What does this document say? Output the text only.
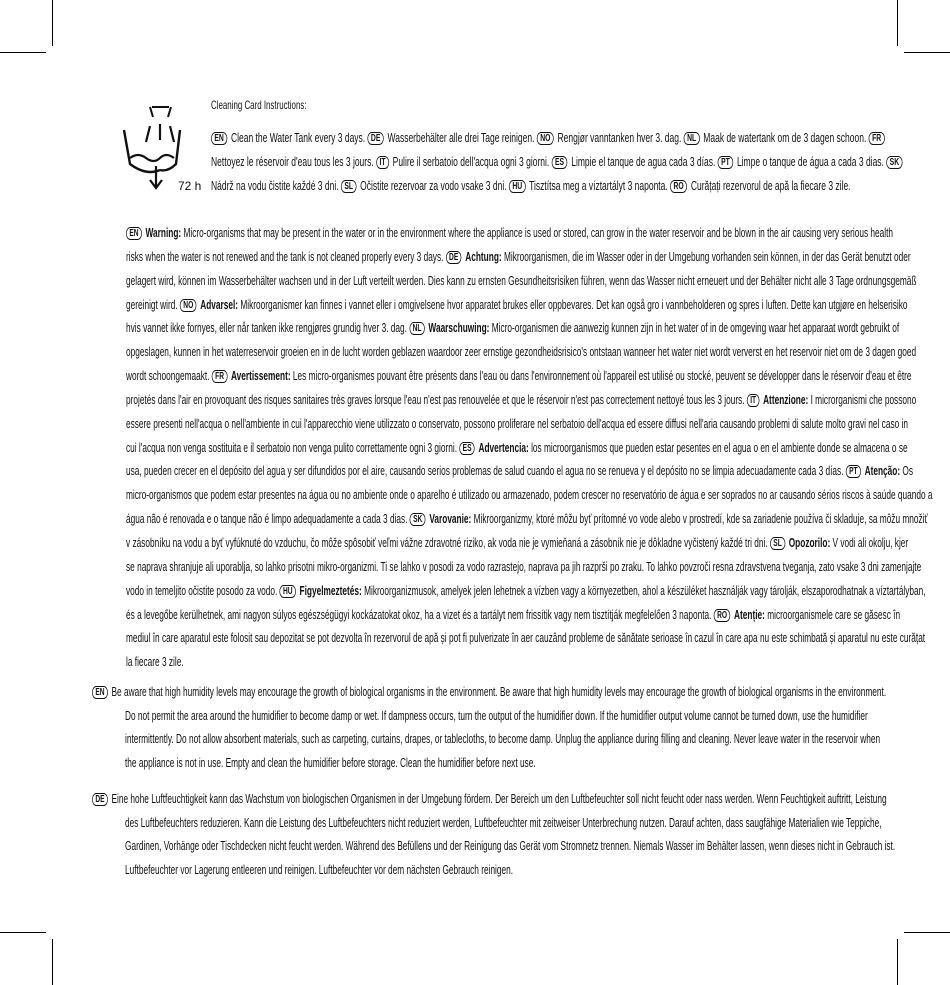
Cleaning Card Instructions:
72 h
EN Clean the Water Tank every 3 days. DE Wasserbehälter alle drei Tage reinigen. NO Rengjør vanntanken hver 3. dag. NL Maak de watertank om de 3 dagen schoon. FR
Nettoyez le réservoir d'eau tous les 3 jours. IT Pulire il serbatoio dell'acqua ogni 3 giorni. ES Limpie el tanque de agua cada 3 días. PT Limpe o tanque de água a cada 3 dias. SK
Nádrž na vodu čistite každé 3 dni. SL Očistite rezervoar za vodo vsake 3 dni. HU Tisztítsa meg a víztartályt 3 naponta. RO Curățați rezervorul de apă la fiecare 3 zile.
EN Warning: Micro-organisms that may be present in the water or in the environment where the appliance is used or stored, can grow in the water reservoir and be blown in the air causing very serious health
risks when the water is not renewed and the tank is not cleaned properly every 3 days. DE Achtung: Mikroorganismen, die im Wasser oder in der Umgebung vorhanden sein können, in der das Gerät benutzt oder
gelagert wird, können im Wasserbehälter wachsen und in der Luft verteilt werden. Dies kann zu ernsten Gesundheitsrisiken führen, wenn das Wasser nicht erneuert und der Behälter nicht alle 3 Tage ordnungsgemäß
gereinigt wird. NO Advarsel: Mikroorganismer kan finnes i vannet eller i omgivelsene hvor apparatet brukes eller oppbevares. Det kan også gro i vannbeholderen og spres i luften. Dette kan utgjøre en helserisiko
hvis vannet ikke fornyes, eller når tanken ikke rengjøres grundig hver 3. dag. NL Waarschuwing: Micro-organismen die aanwezig kunnen zijn in het water of in de omgeving waar het apparaat wordt gebruikt of
opgeslagen, kunnen in het waterreservoir groeien en in de lucht worden geblazen waardoor zeer ernstige gezondheidsrisico's ontstaan wanneer het water niet wordt ververst en het reservoir niet om de 3 dagen goed
wordt schoongemaakt. FR Avertissement: Les micro-organismes pouvant être présents dans l'eau ou dans l'environnement où l'appareil est utilisé ou stocké, peuvent se développer dans le réservoir d'eau et être
projetés dans l'air en provoquant des risques sanitaires très graves lorsque l'eau n'est pas renouvelée et que le réservoir n'est pas correctement nettoyé tous les 3 jours. IT Attenzione: I microrganismi che possono
essere presenti nell'acqua o nell'ambiente in cui l'apparecchio viene utilizzato o conservato, possono proliferare nel serbatoio dell'acqua ed essere diffusi nell'aria causando problemi di salute molto gravi nel caso in
cui l'acqua non venga sostituita e il serbatoio non venga pulito correttamente ogni 3 giorni. ES Advertencia: los microorganismos que pueden estar pesentes en el agua o en el ambiente donde se almacena o se
usa, pueden crecer en el depósito del agua y ser difundidos por el aire, causando serios problemas de salud cuando el agua no se renueva y el depósito no se limpia adecuadamente cada 3 días. PT Atenção: Os
micro-organismos que podem estar presentes na água ou no ambiente onde o aparelho é utilizado ou armazenado, podem crescer no reservatório de água e ser soprados no ar causando sérios riscos à saúde quando a
água não é renovada e o tanque não é limpo adequadamente a cada 3 dias. SK Varovanie: Mikroorganizmy, ktoré môžu byť prítomné vo vode alebo v prostredí, kde sa zariadenie používa či skladuje, sa môžu množiť
v zásobníku na vodu a byť vyfúknuté do vzduchu, čo môže spôsobiť veľmi vážne zdravotné riziko, ak voda nie je vymieňaná a zásobník nie je dôkladne vyčistený každé tri dni. SL Opozorilo: V vodi ali okolju, kjer
se naprava shranjuje ali uporablja, so lahko prisotni mikro-organizmi. Ti se lahko v posodi za vodo razrastejo, naprava pa jih razprši po zraku. To lahko povzroči resna zdravstvena tveganja, zato vsake 3 dni zamenjajte
vodo in temeljito očistite posodo za vodo. HU Figyelmeztetés: Mikroorganizmusok, amelyek jelen lehetnek a vízben vagy a környezetben, ahol a készüléket használják vagy tárolják, elszaporodhatnak a víztartályban,
és a levegőbe kerülhetnek, ami nagyon súlyos egészségügyi kockázatokat okoz, ha a vizet és a tartályt nem frissítik vagy nem tisztítják megfelelően 3 naponta. RO Atenție: microorganismele care se găsesc în
mediul în care aparatul este folosit sau depozitat se pot dezvolta în rezervorul de apă și pot fi pulverizate în aer cauzând probleme de sănătate serioase în cazul în care apa nu este schimbată și aparatul nu este curățat
la fiecare 3 zile.
EN Be aware that high humidity levels may encourage the growth of biological organisms in the environment. Be aware that high humidity levels may encourage the growth of biological organisms in the environment.
Do not permit the area around the humidifier to become damp or wet. If dampness occurs, turn the output of the humidifier down. If the humidifier output volume cannot be turned down, use the humidifier
intermittently. Do not allow absorbent materials, such as carpeting, curtains, drapes, or tablecloths, to become damp. Unplug the appliance during filling and cleaning. Never leave water in the reservoir when
the appliance is not in use. Empty and clean the humidifier before storage. Clean the humidifier before next use.
DE Eine hohe Luftfeuchtigkeit kann das Wachstum von biologischen Organismen in der Umgebung fördern. Der Bereich um den Luftbefeuchter soll nicht feucht oder nass werden. Wenn Feuchtigkeit auftritt, Leistung
des Luftbefeuchters reduzieren. Kann die Leistung des Luftbefeuchters nicht reduziert werden, Luftbefeuchter mit zeitweiser Unterbrechung nutzen. Darauf achten, dass saugfähige Materialien wie Teppiche,
Gardinen, Vorhänge oder Tischdecken nicht feucht werden. Während des Befüllens und der Reinigung das Gerät vom Stromnetz trennen. Niemals Wasser im Behälter lassen, wenn dieses nicht in Gebrauch ist.
Luftbefeuchter vor Lagerung entleeren und reinigen. Luftbefeuchter vor dem nächsten Gebrauch reinigen.
